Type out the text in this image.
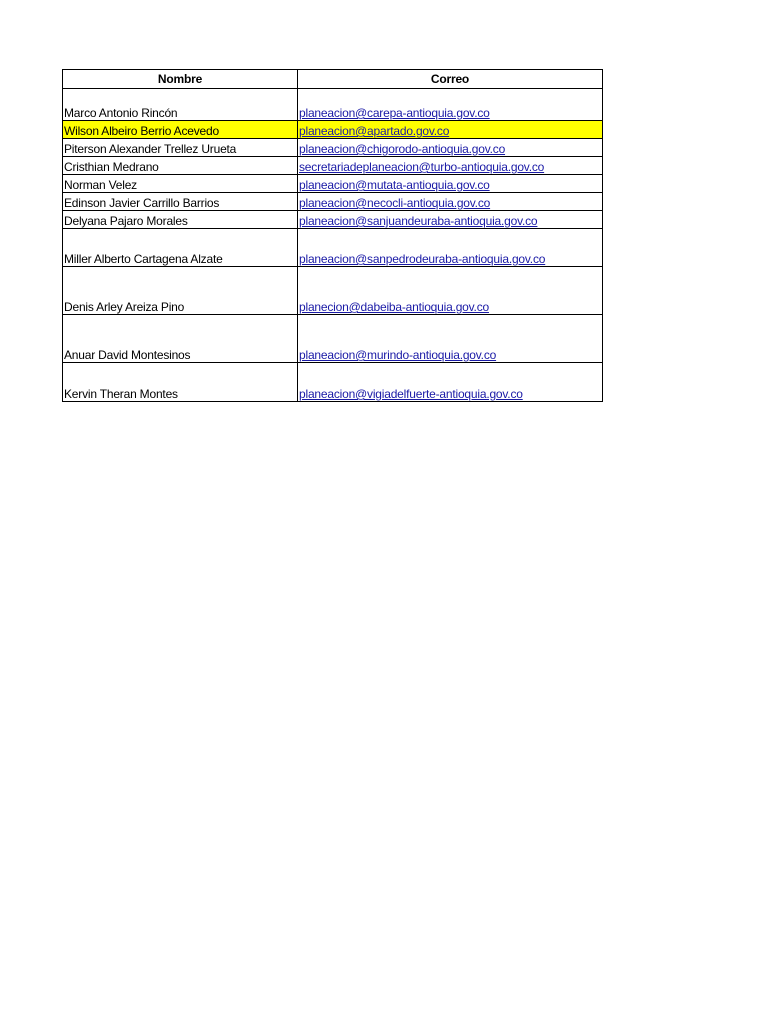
Nombre	Correo
Marco Antonio Rincón	planeacion@carepa-antioquia.gov.co
Wilson Albeiro Berrio Acevedo	planeacion@apartado.gov.co
Piterson Alexander Trellez Urueta	planeacion@chigorodo-antioquia.gov.co
Cristhian Medrano	secretariadeplaneacion@turbo-antioquia.gov.co
Norman Velez	planeacion@mutata-antioquia.gov.co
Edinson Javier Carrillo Barrios	planeacion@necocli-antioquia.gov.co
Delyana Pajaro Morales	planeacion@sanjuandeuraba-antioquia.gov.co
Miller Alberto Cartagena Alzate	planeacion@sanpedrodeuraba-antioquia.gov.co
Denis Arley Areiza Pino	planecion@dabeiba-antioquia.gov.co
Anuar David Montesinos	planeacion@murindo-antioquia.gov.co
Kervin Theran Montes	planeacion@vigiadelfuerte-antioquia.gov.co
